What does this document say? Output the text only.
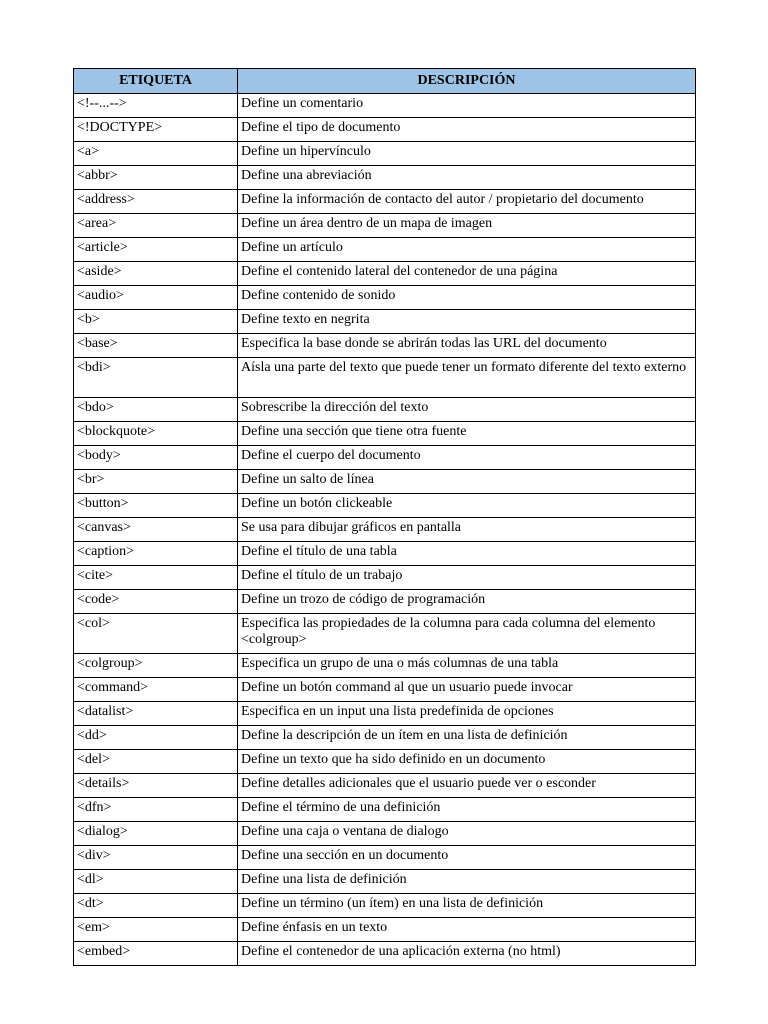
ETIQUETA	DESCRIPCIÓN
<!--...-->	Define un comentario
<!DOCTYPE>	Define el tipo de documento
<a>	Define un hipervínculo
<abbr>	Define una abreviación
<address>	Define la información de contacto del autor / propietario del documento
<area>	Define un área dentro de un mapa de imagen
<article>	Define un artículo
<aside>	Define el contenido lateral del contenedor de una página
<audio>	Define contenido de sonido
<b>	Define texto en negrita
<base>	Especifica la base donde se abrirán todas las URL del documento
<bdi>	Aísla una parte del texto que puede tener un formato diferente del texto externo
<bdo>	Sobrescribe la dirección del texto
<blockquote>	Define una sección que tiene otra fuente
<body>	Define el cuerpo del documento
<br>	Define un salto de línea
<button>	Define un botón clickeable
<canvas>	Se usa para dibujar gráficos en pantalla
<caption>	Define el título de una tabla
<cite>	Define el título de un trabajo
<code>	Define un trozo de código de programación
<col>	Especifica las propiedades de la columna para cada columna del elemento <colgroup>
<colgroup>	Especifica un grupo de una o más columnas de una tabla
<command>	Define un botón command al que un usuario puede invocar
<datalist>	Especifica en un input una lista predefinida de opciones
<dd>	Define la descripción de un ítem en una lista de definición
<del>	Define un texto que ha sido definido en un documento
<details>	Define detalles adicionales que el usuario puede ver o esconder
<dfn>	Define el término de una definición
<dialog>	Define una caja o ventana de dialogo
<div>	Define una sección en un documento
<dl>	Define una lista de definición
<dt>	Define un término (un ítem) en una lista de definición
<em>	Define énfasis en un texto
<embed>	Define el contenedor de una aplicación externa (no html)
